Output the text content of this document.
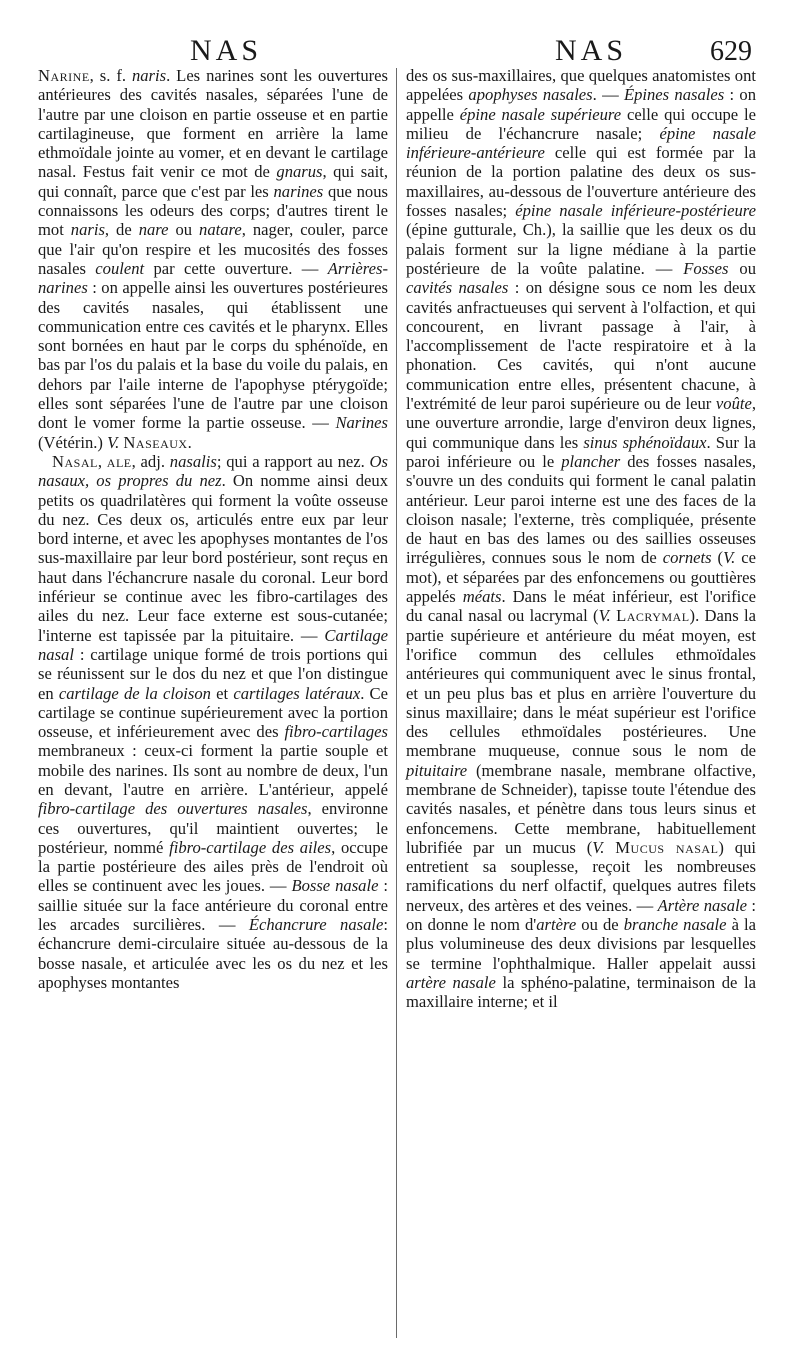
NAS	NAS	629

Narine, s. f. naris. Les narines sont les ouvertures antérieures des cavités nasales, séparées l'une de l'autre par une cloison en partie osseuse et en partie cartilagineuse, que forment en arrière la lame ethmoïdale jointe au vomer, et en devant le cartilage nasal. Festus fait venir ce mot de gnarus, qui sait, qui connaît, parce que c'est par les narines que nous connaissons les odeurs des corps; d'autres tirent le mot naris, de nare ou natare, nager, couler, parce que l'air qu'on respire et les mucosités des fosses nasales coulent par cette ouverture. — Arrières-narines : on appelle ainsi les ouvertures postérieures des cavités nasales, qui établissent une communication entre ces cavités et le pharynx. Elles sont bornées en haut par le corps du sphénoïde, en bas par l'os du palais et la base du voile du palais, en dehors par l'aile interne de l'apophyse ptérygoïde; elles sont séparées l'une de l'autre par une cloison dont le vomer forme la partie osseuse. — Narines (Vétérin.) V. Naseaux.

Nasal, ale, adj. nasalis; qui a rapport au nez. Os nasaux, os propres du nez. On nomme ainsi deux petits os quadrilatères qui forment la voûte osseuse du nez. Ces deux os, articulés entre eux par leur bord interne, et avec les apophyses montantes de l'os sus-maxillaire par leur bord postérieur, sont reçus en haut dans l'échancrure nasale du coronal. Leur bord inférieur se continue avec les fibro-cartilages des ailes du nez. Leur face externe est sous-cutanée; l'interne est tapissée par la pituitaire. — Cartilage nasal : cartilage unique formé de trois portions qui se réunissent sur le dos du nez et que l'on distingue en cartilage de la cloison et cartilages latéraux. Ce cartilage se continue supérieurement avec la portion osseuse, et inférieurement avec des fibro-cartilages membraneux : ceux-ci forment la partie souple et mobile des narines. Ils sont au nombre de deux, l'un en devant, l'autre en arrière. L'antérieur, appelé fibro-cartilage des ouvertures nasales, environne ces ouvertures, qu'il maintient ouvertes; le postérieur, nommé fibro-cartilage des ailes, occupe la partie postérieure des ailes près de l'endroit où elles se continuent avec les joues. — Bosse nasale : saillie située sur la face antérieure du coronal entre les arcades surcilières. — Échancrure nasale: échancrure demi-circulaire située au-dessous de la bosse nasale, et articulée avec les os du nez et les apophyses montantes

des os sus-maxillaires, que quelques anatomistes ont appelées apophyses nasales. — Épines nasales : on appelle épine nasale supérieure celle qui occupe le milieu de l'échancrure nasale; épine nasale inférieure-antérieure celle qui est formée par la réunion de la portion palatine des deux os sus-maxillaires, au-dessous de l'ouverture antérieure des fosses nasales; épine nasale inférieure-postérieure (épine gutturale, Ch.), la saillie que les deux os du palais forment sur la ligne médiane à la partie postérieure de la voûte palatine. — Fosses ou cavités nasales : on désigne sous ce nom les deux cavités anfractueuses qui servent à l'olfaction, et qui concourent, en livrant passage à l'air, à l'accomplissement de l'acte respiratoire et à la phonation. Ces cavités, qui n'ont aucune communication entre elles, présentent chacune, à l'extrémité de leur paroi supérieure ou de leur voûte, une ouverture arrondie, large d'environ deux lignes, qui communique dans les sinus sphénoïdaux. Sur la paroi inférieure ou le plancher des fosses nasales, s'ouvre un des conduits qui forment le canal palatin antérieur. Leur paroi interne est une des faces de la cloison nasale; l'externe, très compliquée, présente de haut en bas des lames ou des saillies osseuses irrégulières, connues sous le nom de cornets (V. ce mot), et séparées par des enfoncemens ou gouttières appelés méats. Dans le méat inférieur, est l'orifice du canal nasal ou lacrymal (V. Lacrymal). Dans la partie supérieure et antérieure du méat moyen, est l'orifice commun des cellules ethmoïdales antérieures qui communiquent avec le sinus frontal, et un peu plus bas et plus en arrière l'ouverture du sinus maxillaire; dans le méat supérieur est l'orifice des cellules ethmoïdales postérieures. Une membrane muqueuse, connue sous le nom de pituitaire (membrane nasale, membrane olfactive, membrane de Schneider), tapisse toute l'étendue des cavités nasales, et pénètre dans tous leurs sinus et enfoncemens. Cette membrane, habituellement lubrifiée par un mucus (V. Mucus nasal) qui entretient sa souplesse, reçoit les nombreuses ramifications du nerf olfactif, quelques autres filets nerveux, des artères et des veines. — Artère nasale : on donne le nom d'artère ou de branche nasale à la plus volumineuse des deux divisions par lesquelles se termine l'ophthalmique. Haller appelait aussi artère nasale la sphéno-palatine, terminaison de la maxillaire interne; et il
